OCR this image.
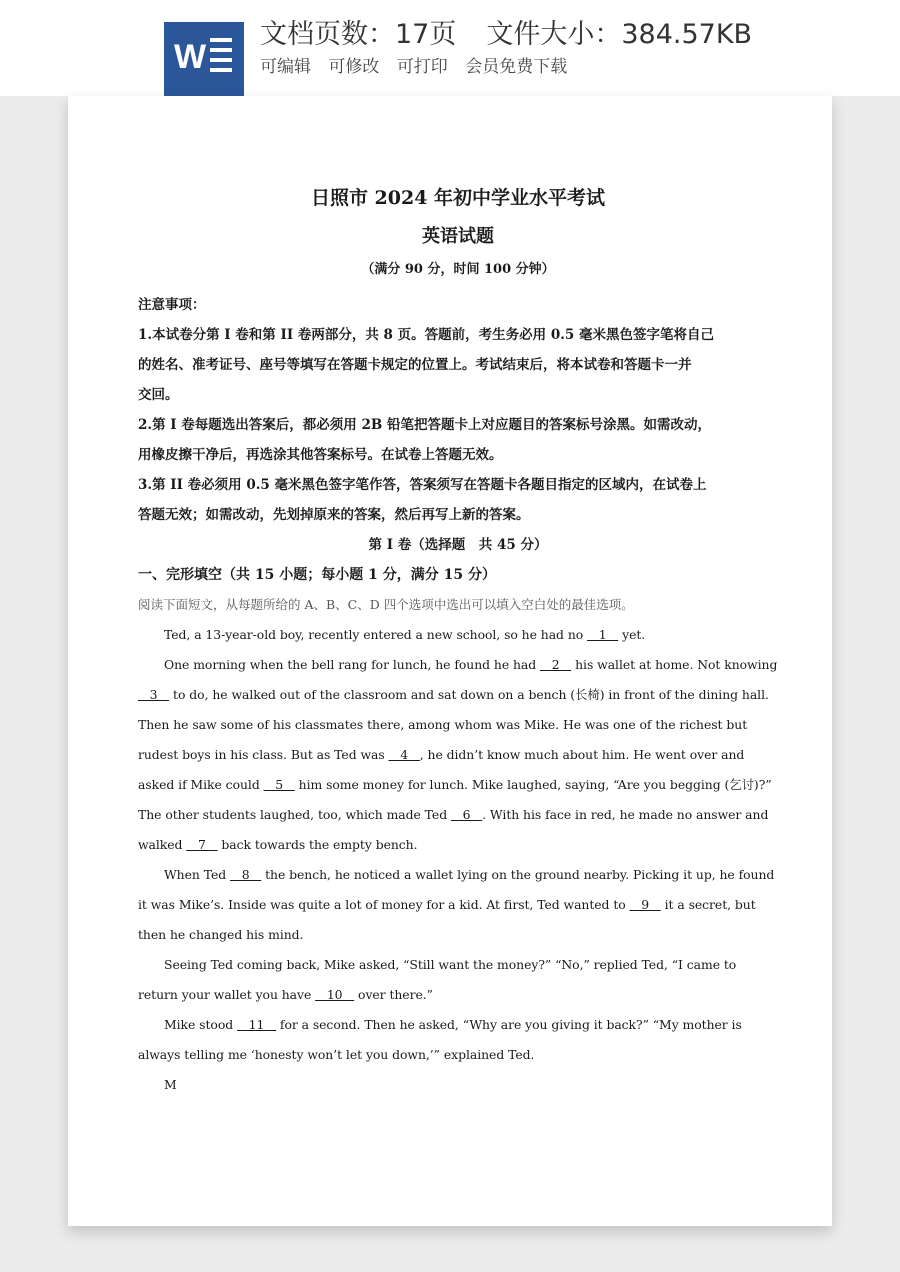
W
文档页数：17页 文件大小：384.57KB
可编辑 可修改 可打印 会员免费下载
日照市 2024 年初中学业水平考试
英语试题
（满分 90 分，时间 100 分钟）
注意事项：
1.本试卷分第 I 卷和第 II 卷两部分，共 8 页。答题前，考生务必用 0.5 毫米黑色签字笔将自己
的姓名、准考证号、座号等填写在答题卡规定的位置上。考试结束后，将本试卷和答题卡一并
交回。
2.第 I 卷每题选出答案后，都必须用 2B 铅笔把答题卡上对应题目的答案标号涂黑。如需改动，
用橡皮擦干净后，再选涂其他答案标号。在试卷上答题无效。
3.第 II 卷必须用 0.5 毫米黑色签字笔作答，答案须写在答题卡各题目指定的区域内，在试卷上
答题无效；如需改动，先划掉原来的答案，然后再写上新的答案。
第 I 卷（选择题　共 45 分）
一、完形填空（共 15 小题；每小题 1 分，满分 15 分）
阅读下面短文，从每题所给的 A、B、C、D 四个选项中选出可以填入空白处的最佳选项。
Ted, a 13-year-old boy, recently entered a new school, so he had no    1    yet.
One morning when the bell rang for lunch, he found he had    2    his wallet at home. Not knowing    3    to do, he walked out of the classroom and sat down on a bench (长椅) in front of the dining hall. Then he saw some of his classmates there, among whom was Mike. He was one of the richest but rudest boys in his class. But as Ted was    4   , he didn’t know much about him. He went over and asked if Mike could    5    him some money for lunch. Mike laughed, saying, “Are you begging (乞讨)?” The other students laughed, too, which made Ted    6   . With his face in red, he made no answer and walked    7    back towards the empty bench.
When Ted    8    the bench, he noticed a wallet lying on the ground nearby. Picking it up, he found it was Mike’s. Inside was quite a lot of money for a kid. At first, Ted wanted to    9    it a secret, but then he changed his mind.
Seeing Ted coming back, Mike asked, “Still want the money?” “No,” replied Ted, “I came to return your wallet you have    10    over there.”
Mike stood    11    for a second. Then he asked, “Why are you giving it back?” “My mother is always telling me ‘honesty won’t let you down,’” explained Ted.
M
